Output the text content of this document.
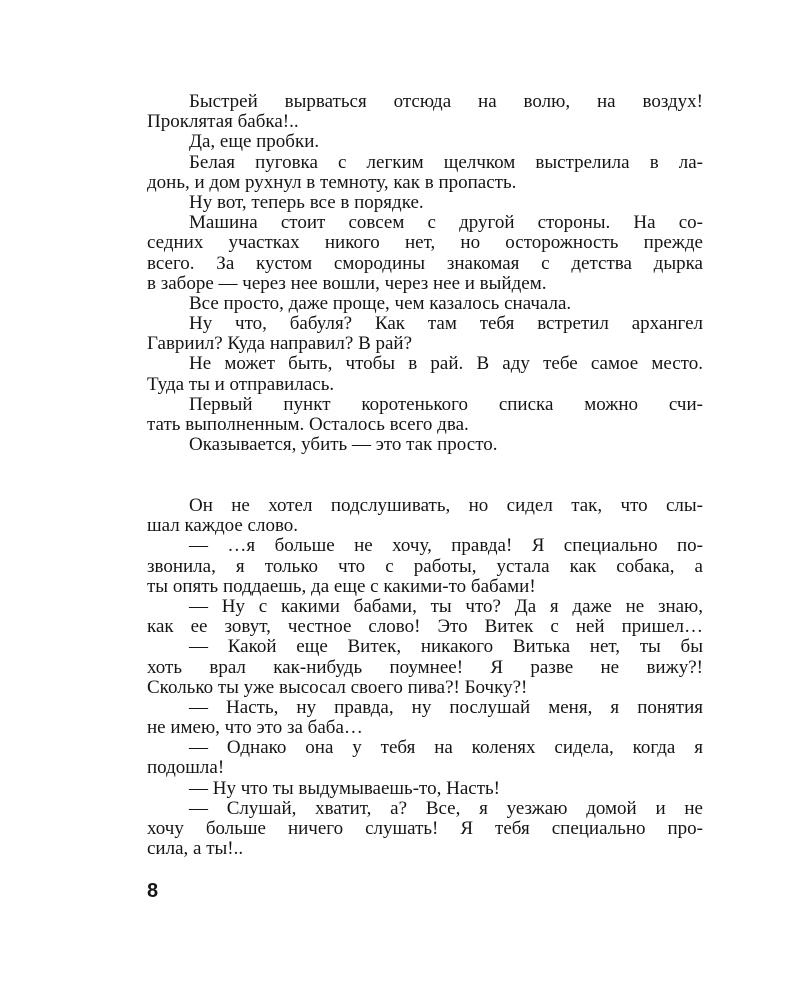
Быстрей вырваться отсюда на волю, на воздух!
Проклятая бабка!..
Да, еще пробки.
Белая пуговка с легким щелчком выстрелила в ла-
донь, и дом рухнул в темноту, как в пропасть.
Ну вот, теперь все в порядке.
Машина стоит совсем с другой стороны. На со-
седних участках никого нет, но осторожность прежде
всего. За кустом смородины знакомая с детства дырка
в заборе — через нее вошли, через нее и выйдем.
Все просто, даже проще, чем казалось сначала.
Ну что, бабуля? Как там тебя встретил архангел
Гавриил? Куда направил? В рай?
Не может быть, чтобы в рай. В аду тебе самое место.
Туда ты и отправилась.
Первый пункт коротенького списка можно счи-
тать выполненным. Осталось всего два.
Оказывается, убить — это так просто.
Он не хотел подслушивать, но сидел так, что слы-
шал каждое слово.
— …я больше не хочу, правда! Я специально по-
звонила, я только что с работы, устала как собака, а
ты опять поддаешь, да еще с какими-то бабами!
— Ну с какими бабами, ты что? Да я даже не знаю,
как ее зовут, честное слово! Это Витек с ней пришел…
— Какой еще Витек, никакого Витька нет, ты бы
хоть врал как-нибудь поумнее! Я разве не вижу?!
Сколько ты уже высосал своего пива?! Бочку?!
— Насть, ну правда, ну послушай меня, я понятия
не имею, что это за баба…
— Однако она у тебя на коленях сидела, когда я
подошла!
— Ну что ты выдумываешь-то, Насть!
— Слушай, хватит, а? Все, я уезжаю домой и не
хочу больше ничего слушать! Я тебя специально про-
сила, а ты!..
8
